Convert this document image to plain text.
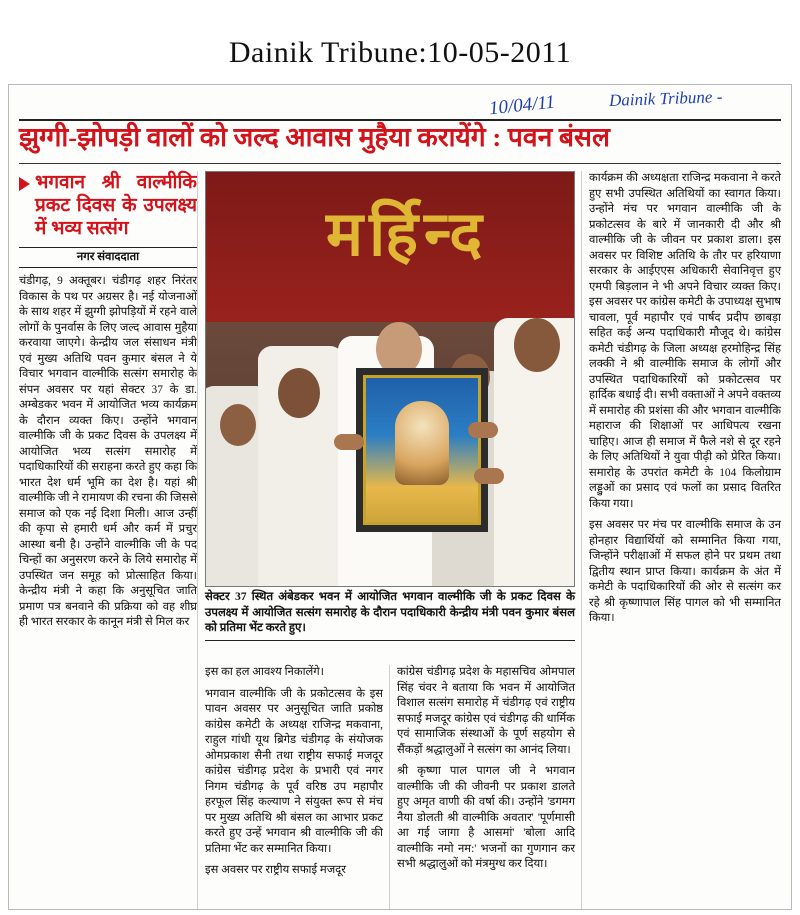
Dainik Tribune:10-05-2011
10/04/11	Dainik Tribune -
झुग्गी-झोपड़ी वालों को जल्द आवास मुहैया करायेंगे : पवन बंसल
भगवान श्री वाल्मीकि प्रकट दिवस के उपलक्ष्य में भव्य सत्संग
नगर संवाददाता

चंडीगढ़, 9 अक्तूबर। चंडीगढ़ शहर निरंतर विकास के पथ पर अग्रसर है। नई योजनाओं के साथ शहर में झुग्गी झोपड़ियों में रहने वाले लोगों के पुनर्वास के लिए जल्द आवास मुहैया करवाया जाएगे। केन्द्रीय जल संसाधन मंत्री एवं मुख्य अतिथि पवन कुमार बंसल ने ये विचार भगवान वाल्मीकि सत्संग समारोह के संपन अवसर पर यहां सेक्टर 37 के डा. अम्बेडकर भवन में आयोजित भव्य कार्यक्रम के दौरान व्यक्त किए। उन्होंने भगवान वाल्मीकि जी के प्रकट दिवस के उपलक्ष्य में आयोजित भव्य सत्संग समारोह में पदाधिकारियों की सराहना करते हुए कहा कि भारत देश धर्म भूमि का देश है। यहां श्री वाल्मीकि जी ने रामायण की रचना की जिससे समाज को एक नई दिशा मिली। आज उन्हीं की कृपा से हमारी धर्म और कर्म में प्रचुर आस्था बनी है। उन्होंने वाल्मीकि जी के पद चिन्हों का अनुसरण करने के लिये समारोह में उपस्थित जन समूह को प्रोत्साहित किया। केन्द्रीय मंत्री ने कहा कि अनुसूचित जाति प्रमाण पत्र बनवाने की प्रक्रिया को वह शीघ्र ही भारत सरकार के कानून मंत्री से मिल कर

मर्हिन्द
सेक्टर 37 स्थित अंबेडकर भवन में आयोजित भगवान वाल्मीकि जी के प्रकट दिवस के उपलक्ष्य में आयोजित सत्संग समारोह के दौरान पदाधिकारी केन्द्रीय मंत्री पवन कुमार बंसल को प्रतिमा भेंट करते हुए।

इस का हल आवश्य निकालेंगे।

भगवान वाल्मीकि जी के प्रकोटत्सव के इस पावन अवसर पर अनुसूचित जाति प्रकोष्ठ कांग्रेस कमेटी के अध्यक्ष राजिन्द्र मकवाना, राहुल गांधी यूथ ब्रिगेड चंडीगढ़ के संयोजक ओमप्रकाश सैनी तथा राष्ट्रीय सफाई मजदूर कांग्रेस चंडीगढ़ प्रदेश के प्रभारी एवं नगर निगम चंडीगढ़ के पूर्व वरिष्ठ उप महापौर हरफूल सिंह कल्याण ने संयुक्त रूप से मंच पर मुख्य अतिथि श्री बंसल का आभार प्रकट करते हुए उन्हें भगवान श्री वाल्मीकि जी की प्रतिमा भेंट कर सम्मानित किया।

इस अवसर पर राष्ट्रीय सफाई मजदूर

कांग्रेस चंडीगढ़ प्रदेश के महासचिव ओमपाल सिंह चंवर ने बताया कि भवन में आयोजित विशाल सत्संग समारोह में चंडीगढ़ एवं राष्ट्रीय सफाई मजदूर कांग्रेस एवं चंडीगढ़ की धार्मिक एवं सामाजिक संस्थाओं के पूर्ण सहयोग से सैंकड़ों श्रद्धालुओं ने सत्संग का आनंद लिया।

श्री कृष्णा पाल पागल जी ने भगवान वाल्मीकि जी की जीवनी पर प्रकाश डालते हुए अमृत वाणी की वर्षा की। उन्होंने 'डगमग नैया डोलती श्री वाल्मीकि अवतार' 'पूर्णमासी आ गई जागा है आसमां' 'बोला आदि वाल्मीकि नमो नम:' भजनों का गुणगान कर सभी श्रद्धालुओं को मंत्रमुग्ध कर दिया।

कार्यक्रम की अध्यक्षता राजिन्द्र मकवाना ने करते हुए सभी उपस्थित अतिथियों का स्वागत किया। उन्होंने मंच पर भगवान वाल्मीकि जी के प्रकोटत्सव के बारे में जानकारी दी और श्री वाल्मीकि जी के जीवन पर प्रकाश डाला। इस अवसर पर विशिष्ट अतिथि के तौर पर हरियाणा सरकार के आईएएस अधिकारी सेवानिवृत्त हुए एमपी बिड़लान ने भी अपने विचार व्यक्त किए। इस अवसर पर कांग्रेस कमेटी के उपाध्यक्ष सुभाष चावला, पूर्व महापौर एवं पार्षद प्रदीप छाबड़ा सहित कई अन्य पदाधिकारी मौजूद थे। कांग्रेस कमेटी चंडीगढ़ के जिला अध्यक्ष हरमोहिन्द्र सिंह लक्की ने श्री वाल्मीकि समाज के लोगों और उपस्थित पदाधिकारियों को प्रकोटत्सव पर हार्दिक बधाई दी। सभी वक्ताओं ने अपने वक्तव्य में समारोह की प्रशंसा की और भगवान वाल्मीकि महाराज की शिक्षाओं पर आधिपत्य रखना चाहिए। आज ही समाज में फैले नशे से दूर रहने के लिए अतिथियों ने युवा पीढ़ी को प्रेरित किया। समारोह के उपरांत कमेटी के 104 किलोग्राम लड्डुओं का प्रसाद एवं फलों का प्रसाद वितरित किया गया।

इस अवसर पर मंच पर वाल्मीकि समाज के उन होनहार विद्यार्थियों को सम्मानित किया गया, जिन्होंने परीक्षाओं में सफल होने पर प्रथम तथा द्वितीय स्थान प्राप्त किया। कार्यक्रम के अंत में कमेटी के पदाधिकारियों की ओर से सत्संग कर रहे श्री कृष्णापाल सिंह पागल को भी सम्मानित किया।
